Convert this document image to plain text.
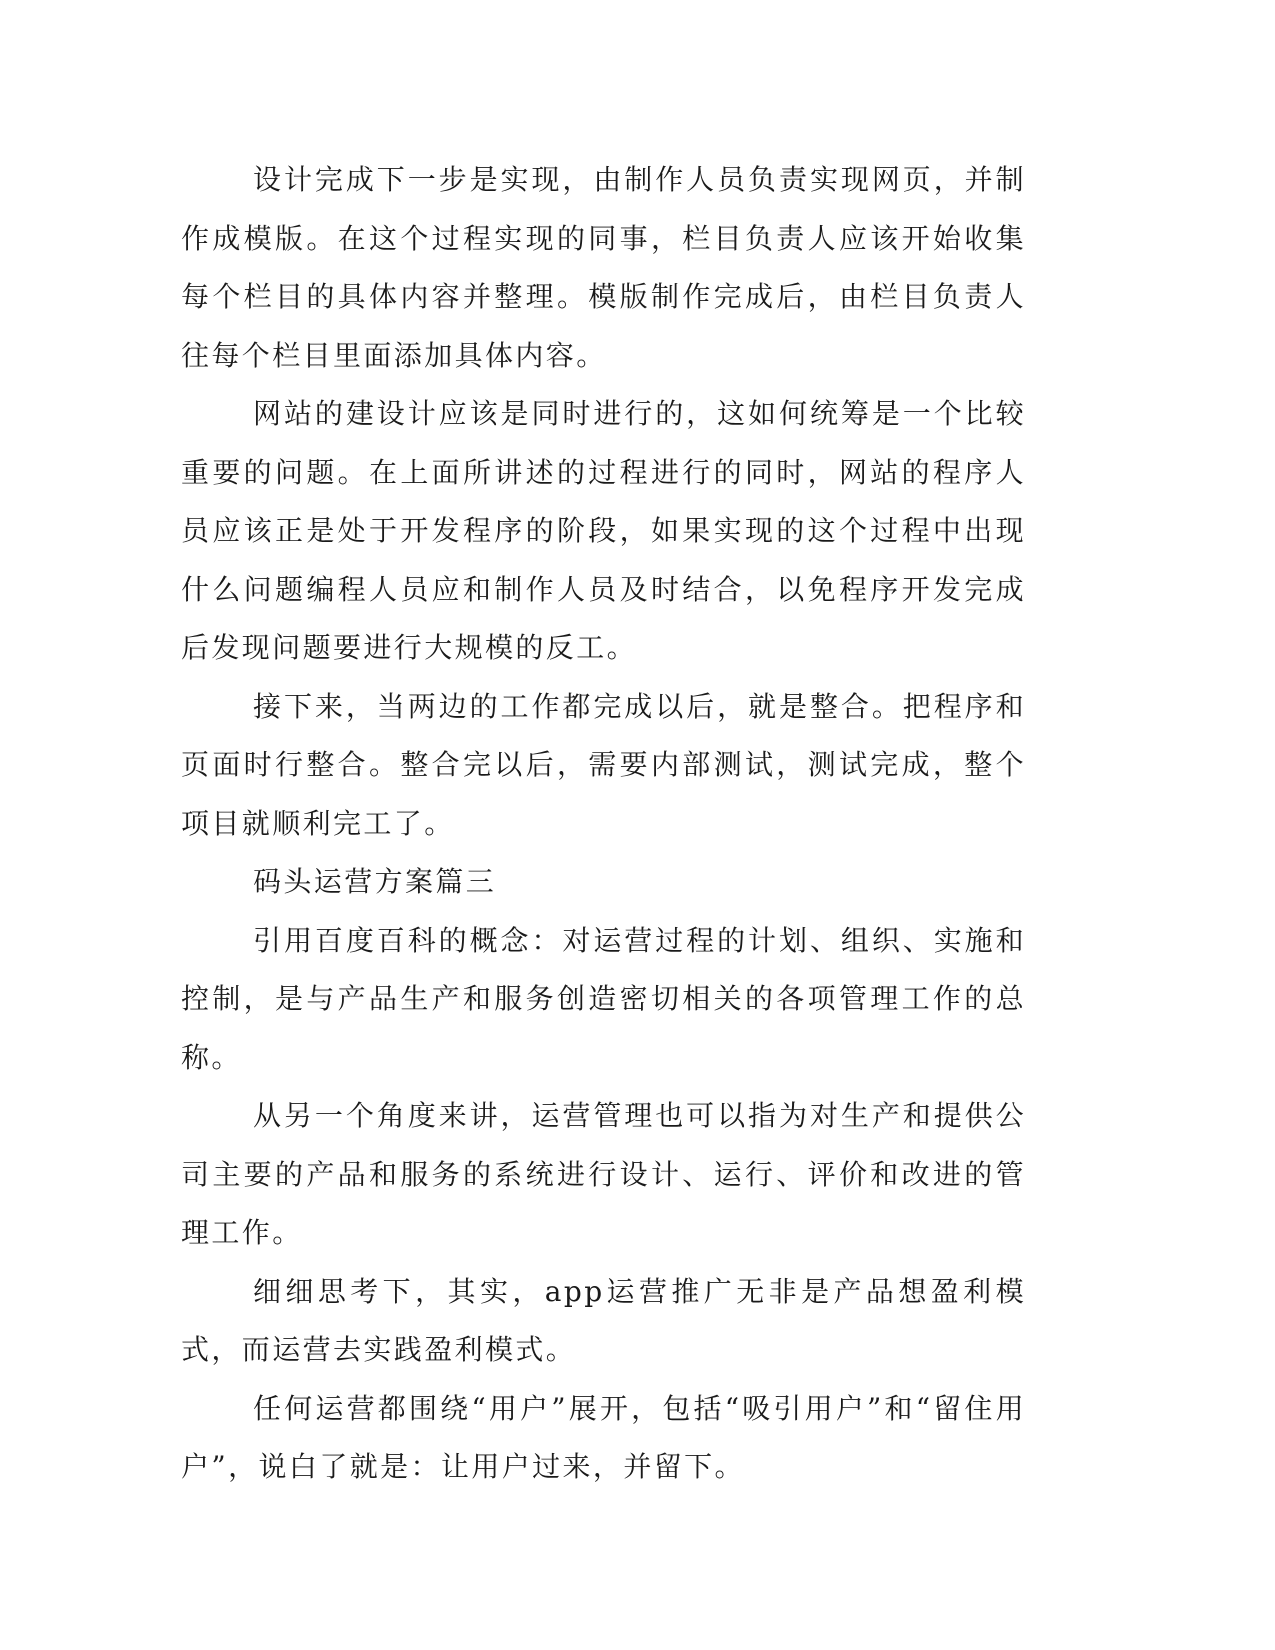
设计完成下一步是实现，由制作人员负责实现网页，并制作成模版。在这个过程实现的同事，栏目负责人应该开始收集每个栏目的具体内容并整理。模版制作完成后，由栏目负责人往每个栏目里面添加具体内容。

网站的建设计应该是同时进行的，这如何统筹是一个比较重要的问题。在上面所讲述的过程进行的同时，网站的程序人员应该正是处于开发程序的阶段，如果实现的这个过程中出现什么问题编程人员应和制作人员及时结合，以免程序开发完成后发现问题要进行大规模的反工。

接下来，当两边的工作都完成以后，就是整合。把程序和页面时行整合。整合完以后，需要内部测试，测试完成，整个项目就顺利完工了。

码头运营方案篇三

引用百度百科的概念：对运营过程的计划、组织、实施和控制，是与产品生产和服务创造密切相关的各项管理工作的总称。

从另一个角度来讲，运营管理也可以指为对生产和提供公司主要的产品和服务的系统进行设计、运行、评价和改进的管理工作。

细细思考下，其实，app运营推广无非是产品想盈利模式，而运营去实践盈利模式。

任何运营都围绕“用户”展开，包括“吸引用户”和“留住用户”，说白了就是：让用户过来，并留下。
